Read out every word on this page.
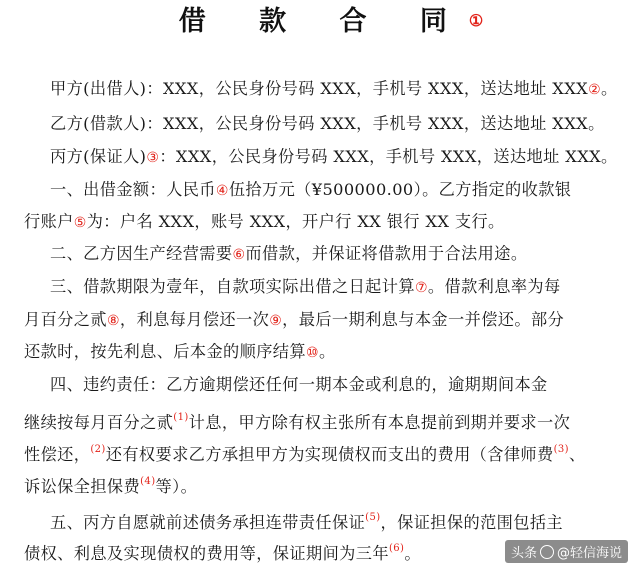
借 款 合 同①
甲方(出借人)：XXX，公民身份号码 XXX，手机号 XXX，送达地址 XXX②。
乙方(借款人)：XXX，公民身份号码 XXX，手机号 XXX，送达地址 XXX。
丙方(保证人)③：XXX，公民身份号码 XXX，手机号 XXX，送达地址 XXX。
一、出借金额：人民币④伍拾万元（¥500000.00）。乙方指定的收款银
行账户⑤为：户名 XXX，账号 XXX，开户行 XX 银行 XX 支行。
二、乙方因生产经营需要⑥而借款，并保证将借款用于合法用途。
三、借款期限为壹年，自款项实际出借之日起计算⑦。借款利息率为每
月百分之贰⑧，利息每月偿还一次⑨，最后一期利息与本金一并偿还。部分
还款时，按先利息、后本金的顺序结算⑩。
四、违约责任：乙方逾期偿还任何一期本金或利息的，逾期期间本金
继续按每月百分之贰$^{(1)}$计息，甲方除有权主张所有本息提前到期并要求一次
性偿还，$^{(2)}$还有权要求乙方承担甲方为实现债权而支出的费用（含律师费$^{(3)}$、
诉讼保全担保费$^{(4)}$等）。
五、丙方自愿就前述债务承担连带责任保证$^{(5)}$，保证担保的范围包括主
债权、利息及实现债权的费用等，保证期间为三年$^{(6)}$。	头条 @轻信海说
